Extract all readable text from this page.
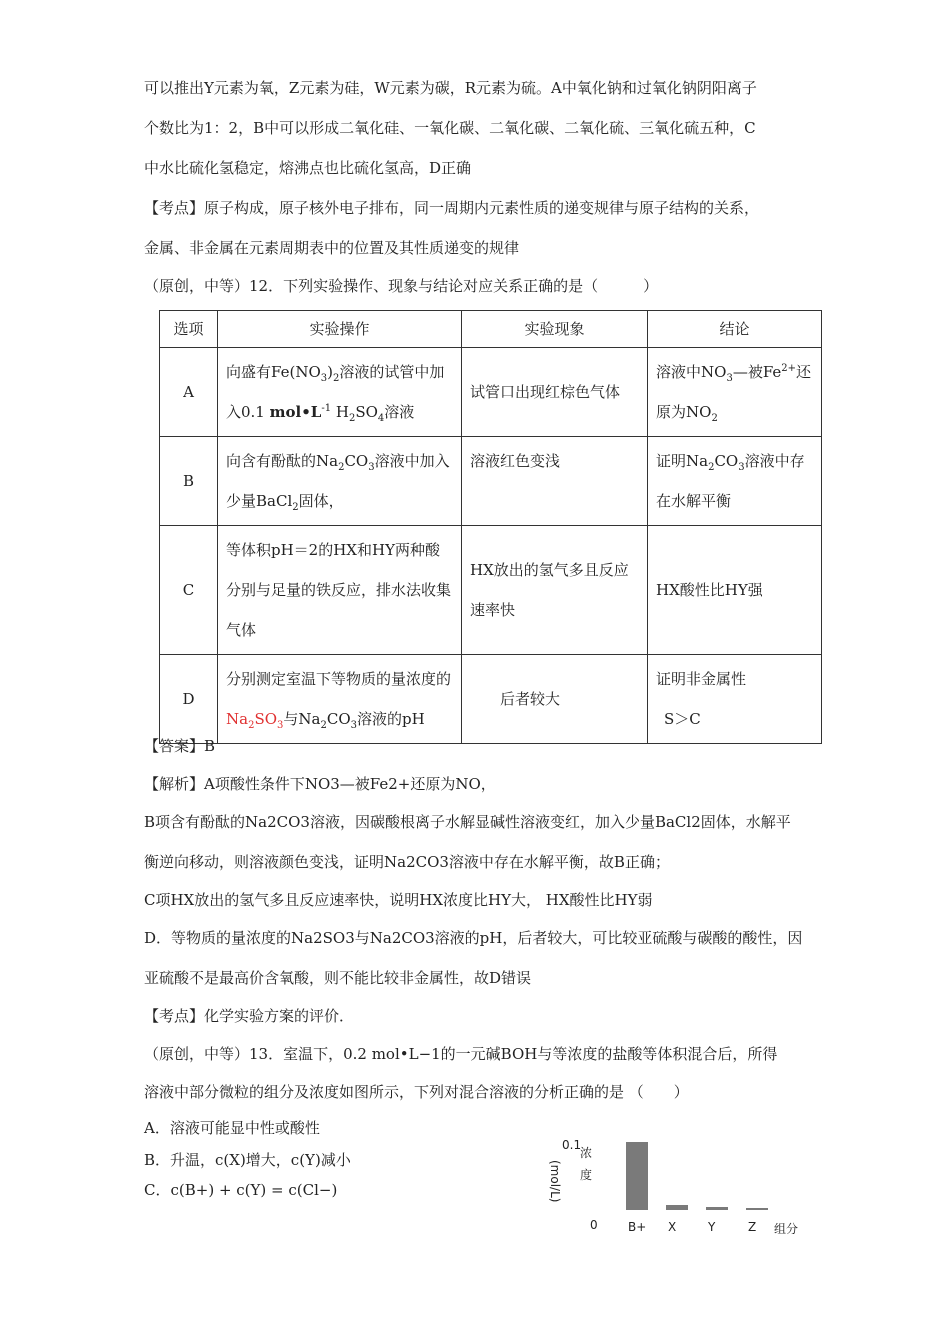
可以推出Y元素为氧，Z元素为硅，W元素为碳，R元素为硫。A中氧化钠和过氧化钠阴阳离子
个数比为1：2，B中可以形成二氧化硅、一氧化碳、二氧化碳、二氧化硫、三氧化硫五种，C
中水比硫化氢稳定，熔沸点也比硫化氢高，D正确
【考点】原子构成，原子核外电子排布，同一周期内元素性质的递变规律与原子结构的关系，
金属、非金属在元素周期表中的位置及其性质递变的规律
（原创，中等）12．下列实验操作、现象与结论对应关系正确的是（　　　）
选项	实验操作	实验现象	结论
A	向盛有$Fe(NO_3)_2$溶液的试管中加入0.1 $mol•L^{-1}$ $H_2SO_4$溶液	试管口出现红棕色气体	溶液中$NO_3—$被$Fe^{2+}$还原为$NO_2$
B	向含有酚酞的$Na_2CO_3$溶液中加入少量BaCl$_2$固体，	溶液红色变浅	证明$Na_2CO_3$溶液中存在水解平衡
C	等体积pH＝2的HX和HY两种酸分别与足量的铁反应，排水法收集气体	HX放出的氢气多且反应速率快	HX酸性比HY强
D	分别测定室温下等物质的量浓度的$Na_2SO_3$与$Na_2CO_3$溶液的pH	后者较大	证明非金属性
S＞C
【答案】B
【解析】A项酸性条件下NO3—被Fe2+还原为NO，
B项含有酚酞的Na2CO3溶液，因碳酸根离子水解显碱性溶液变红，加入少量BaCl2固体，水解平
衡逆向移动，则溶液颜色变浅，证明Na2CO3溶液中存在水解平衡，故B正确；
C项HX放出的氢气多且反应速率快，说明HX浓度比HY大， HX酸性比HY弱
D．等物质的量浓度的Na2SO3与Na2CO3溶液的pH，后者较大，可比较亚硫酸与碳酸的酸性，因
亚硫酸不是最高价含氧酸，则不能比较非金属性，故D错误
【考点】化学实验方案的评价．
（原创，中等）13．室温下，0.2 mol•L−1的一元碱BOH与等浓度的盐酸等体积混合后，所得
溶液中部分微粒的组分及浓度如图所示，下列对混合溶液的分析正确的是 （　　）
A．溶液可能显中性或酸性
B．升温，c(X)增大，c(Y)减小
C．c(B+) + c(Y) = c(Cl−)	(mol/L)
0.1
浓度
0	B+ X	Y	Z 组分
